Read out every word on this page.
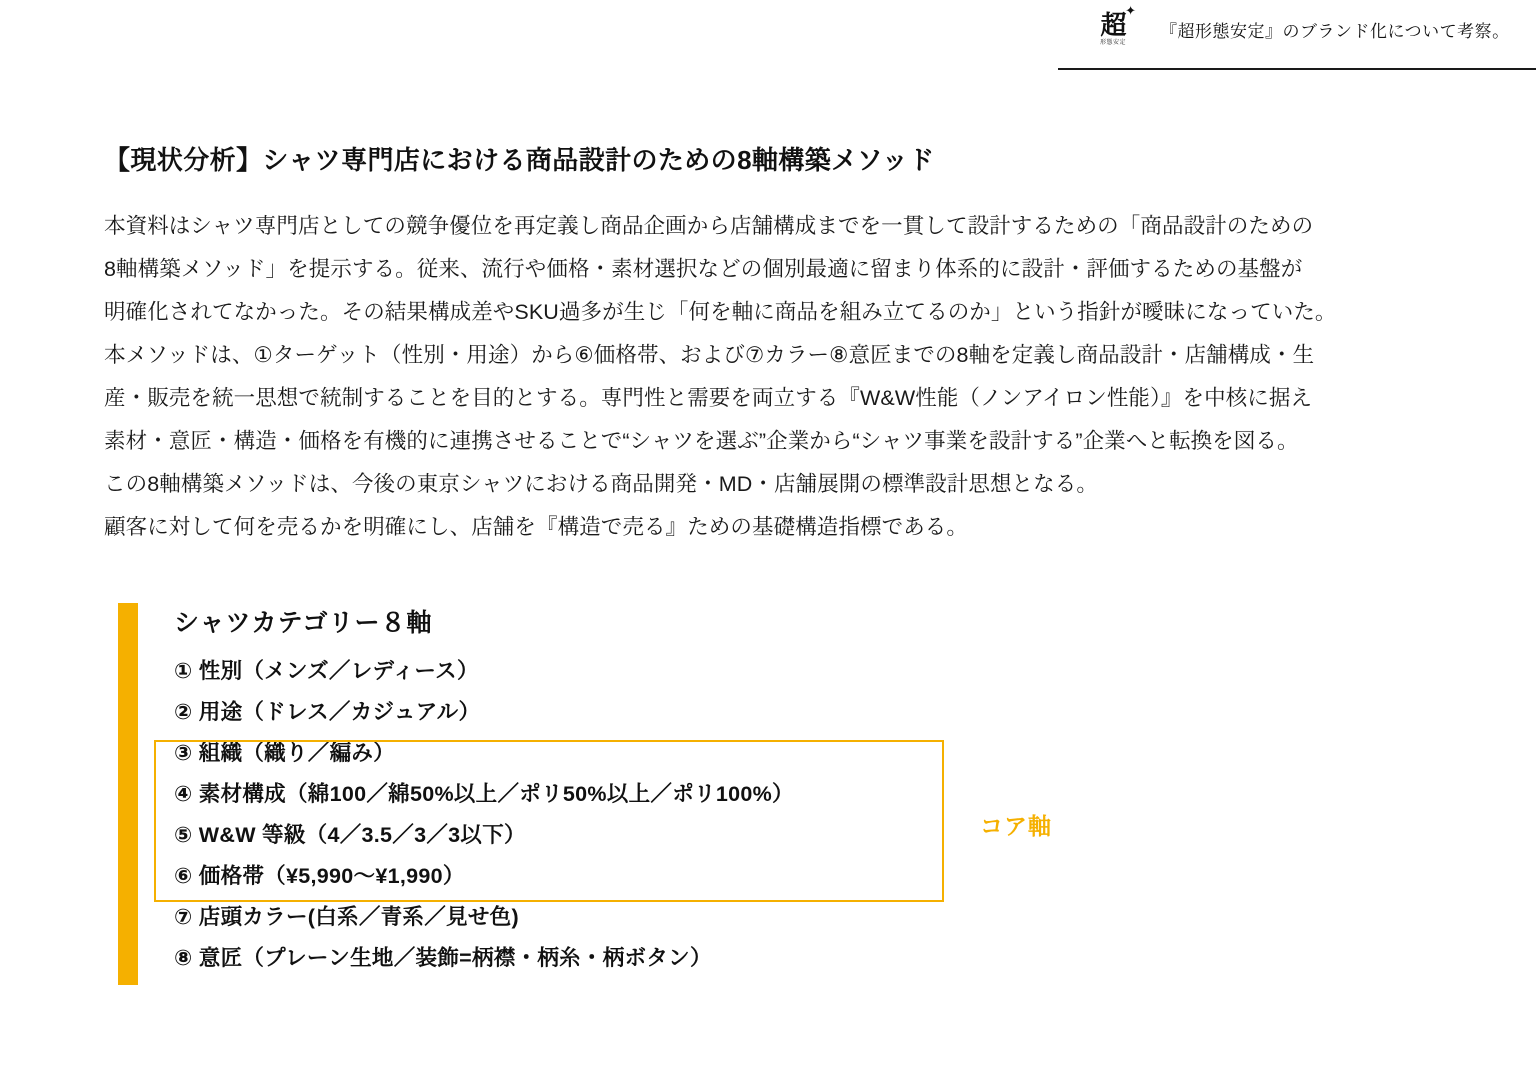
✦
超
形態安定
『超形態安定』のブランド化について考察。
【現状分析】シャツ専門店における商品設計のための8軸構築メソッド

本資料はシャツ専門店としての競争優位を再定義し商品企画から店舗構成までを一貫して設計するための「商品設計のための

8軸構築メソッド」を提示する。従来、流行や価格・素材選択などの個別最適に留まり体系的に設計・評価するための基盤が

明確化されてなかった。その結果構成差やSKU過多が生じ「何を軸に商品を組み立てるのか」という指針が曖昧になっていた。

本メソッドは、①ターゲット（性別・用途）から⑥価格帯、および⑦カラー⑧意匠までの8軸を定義し商品設計・店舗構成・生

産・販売を統一思想で統制することを目的とする。専門性と需要を両立する『W&W性能（ノンアイロン性能）』を中核に据え

素材・意匠・構造・価格を有機的に連携させることで“シャツを選ぶ”企業から“シャツ事業を設計する”企業へと転換を図る。

この8軸構築メソッドは、今後の東京シャツにおける商品開発・MD・店舗展開の標準設計思想となる。

顧客に対して何を売るかを明確にし、店舗を『構造で売る』ための基礎構造指標である。

シャツカテゴリー８軸
① 性別（メンズ／レディース）
② 用途（ドレス／カジュアル）
③ 組織（織り／編み）
④ 素材構成（綿100／綿50%以上／ポリ50%以上／ポリ100%）
⑤ W&W 等級（4／3.5／3／3以下）
⑥ 価格帯（¥5,990〜¥1,990）
⑦ 店頭カラー(白系／青系／見せ色)
⑧ 意匠（プレーン生地／装飾=柄襟・柄糸・柄ボタン）
コア軸
